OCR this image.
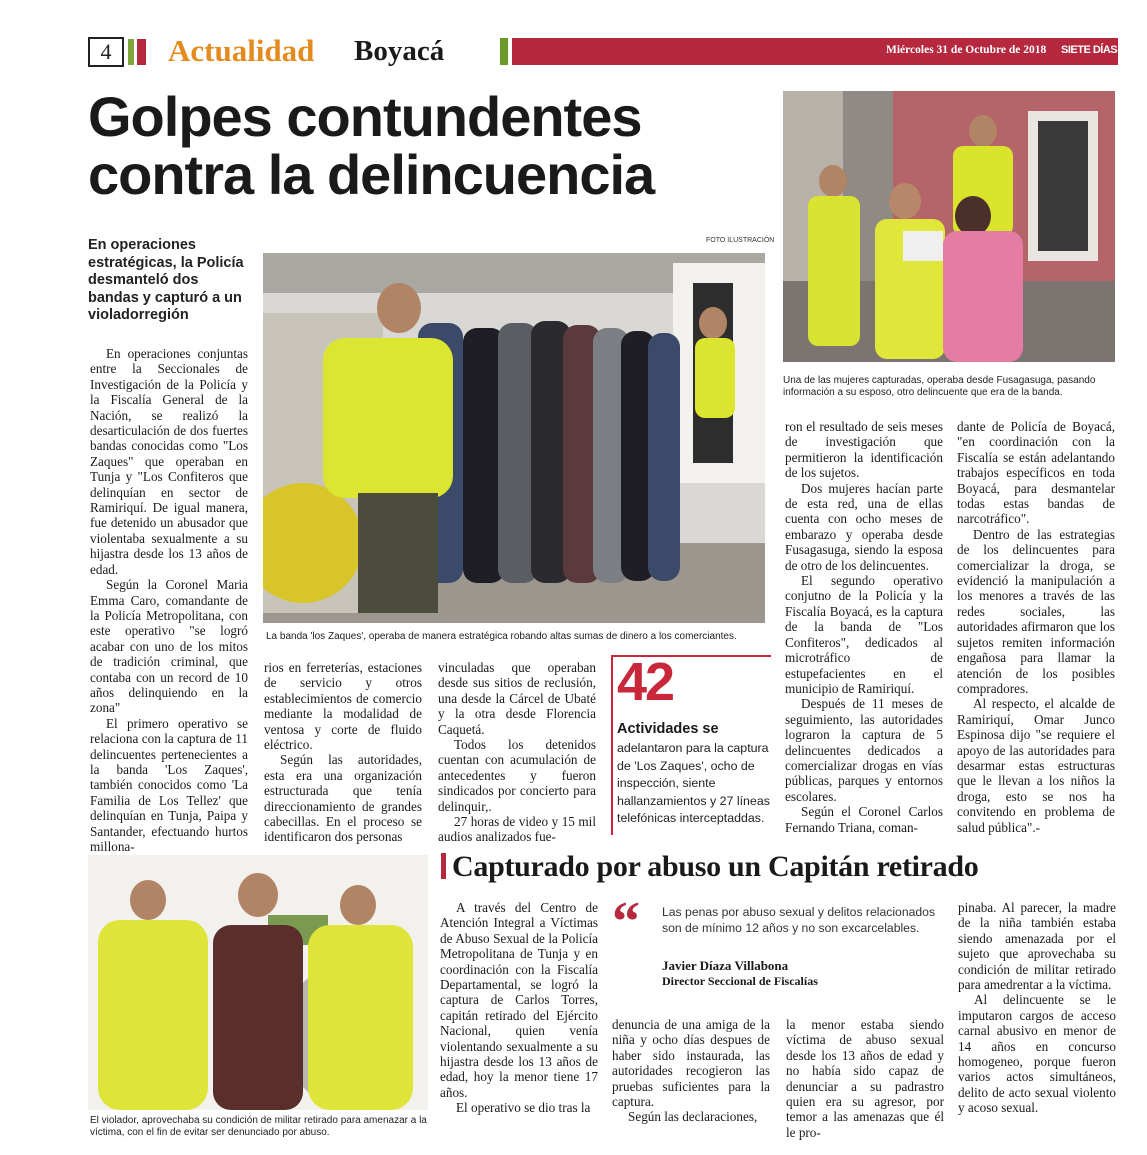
4	Actualidad Boyacá	Miércoles 31 de Octubre de 2018 SIETE DÍAS
Golpes contundentes
contra la delincuencia
En operaciones estratégicas, la Policía desmanteló dos bandas y capturó a un violadorregión
FOTO ILUSTRACIÓN
Una de las mujeres capturadas, operaba desde Fusagasuga, pasando información a su esposo, otro delincuente que era de la banda.
La banda 'los Zaques', operaba de manera estratégica robando altas sumas de dinero a los comerciantes.

En operaciones conjuntas entre la Seccionales de Investigación de la Policía y la Fiscalía General de la Nación, se realizó la desarticulación de dos fuertes bandas conocidas como "Los Zaques" que operaban en Tunja y "Los Confiteros que delinquían en sector de Ramiriquí. De igual manera, fue detenido un abusador que violentaba sexualmente a su hijastra desde los 13 años de edad.

Según la Coronel Maria Emma Caro, comandante de la Policía Metropolitana, con este operativo "se logró acabar con uno de los mitos de tradición criminal, que contaba con un record de 10 años delinquiendo en la zona"

El primero operativo se relaciona con la captura de 11 delincuentes pertenecientes a la banda 'Los Zaques', también conocidos como 'La Familia de Los Tellez' que delinquían en Tunja, Paipa y Santander, efectuando hurtos millona-

rios en ferreterías, estaciones de servicio y otros establecimientos de comercio mediante la modalidad de ventosa y corte de fluido eléctrico.

Según las autoridades, esta era una organización estructurada que tenía direccionamiento de grandes cabecillas. En el proceso se identificaron dos personas

vinculadas que operaban desde sus sitios de reclusión, una desde la Cárcel de Ubaté y la otra desde Florencia Caquetá.

Todos los detenidos cuentan con acumulación de antecedentes y fueron sindicados por concierto para delinquir,.

27 horas de video y 15 mil audios analizados fue-

42
Actividades se
adelantaron para la captura de 'Los Zaques', ocho de inspección, siente hallanzamientos y 27 líneas telefónicas interceptaddas.

ron el resultado de seis meses de investigación que permitieron la identificación de los sujetos.

Dos mujeres hacían parte de esta red, una de ellas cuenta con ocho meses de embarazo y operaba desde Fusagasuga, siendo la esposa de otro de los delincuentes.

El segundo operativo conjutno de la Policía y la Fiscalía Boyacá, es la captura de la banda de "Los Confiteros", dedicados al microtráfico de estupefacientes en el municipio de Ramiriquí.

Después de 11 meses de seguimiento, las autoridades lograron la captura de 5 delincuentes dedicados a comercializar drogas en vías públicas, parques y entornos escolares.

Según el Coronel Carlos Fernando Triana, coman-

dante de Policía de Boyacá, "en coordinación con la Fiscalía se están adelantando trabajos específicos en toda Boyacá, para desmantelar todas estas bandas de narcotráfico".

Dentro de las estrategias de los delincuentes para comercializar la droga, se evidenció la manipulación a los menores a través de las redes sociales, las autoridades afirmaron que los sujetos remiten información engañosa para llamar la atención de los posibles compradores.

Al respecto, el alcalde de Ramiriquí, Omar Junco Espinosa dijo "se requiere el apoyo de las autoridades para desarmar estas estructuras que le llevan a los niños la droga, esto se nos ha convitendo en problema de salud pública".-

El violador, aprovechaba su condición de militar retirado para amenazar a la víctima, con el fin de evitar ser denunciado por abuso.
Capturado por abuso un Capitán retirado

A través del Centro de Atención Integral a Víctimas de Abuso Sexual de la Policía Metropolitana de Tunja y en coordinación con la Fiscalía Departamental, se logró la captura de Carlos Torres, capitán retirado del Ejército Nacional, quien venía violentando sexualmente a su hijastra desde los 13 años de edad, hoy la menor tiene 17 años.

El operativo se dio tras la

“ Las penas por abuso sexual y delitos relacionados son de mínimo 12 años y no son excarcelables.
Javier Díaza Villabona
Director Seccional de Fiscalías

denuncia de una amiga de la niña y ocho días despues de haber sido instaurada, las autoridades recogieron las pruebas suficientes para la captura.

Según las declaraciones,

la menor estaba siendo víctima de abuso sexual desde los 13 años de edad y no había sido capaz de denunciar a su padrastro quien era su agresor, por temor a las amenazas que él le pro-

pinaba. Al parecer, la madre de la niña también estaba siendo amenazada por el sujeto que aprovechaba su condición de militar retirado para amedrentar a la víctima.

Al delincuente se le imputaron cargos de acceso carnal abusivo en menor de 14 años en concurso homogeneo, porque fueron varios actos simultáneos, delito de acto sexual violento y acoso sexual.
